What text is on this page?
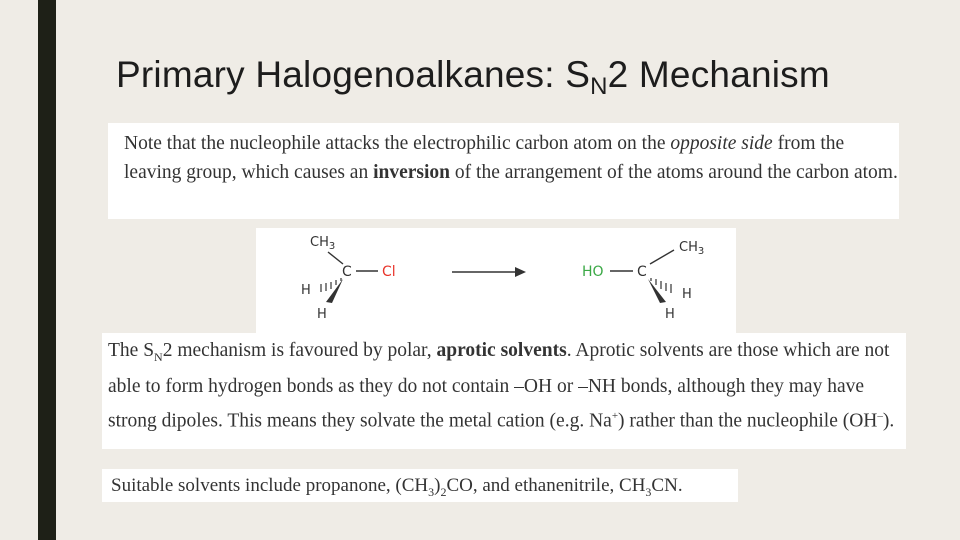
Primary Halogenoalkanes: $S_N2$ Mechanism

Note that the nucleophile attacks the electrophilic carbon atom on the opposite side from the leaving group, which causes an inversion of the arrangement of the atoms around the carbon atom.

$CH_3$
C Cl
H
H
HO C
$CH_3$
H
H

The $S_N2$ mechanism is favoured by polar, aprotic solvents. Aprotic solvents are those which are not able to form hydrogen bonds as they do not contain –OH or –NH bonds, although they may have strong dipoles. This means they solvate the metal cation (e.g. Na+) rather than the nucleophile (OH–).

Suitable solvents include propanone, $(CH_3)_2CO$, and ethanenitrile, $CH_3CN$.
